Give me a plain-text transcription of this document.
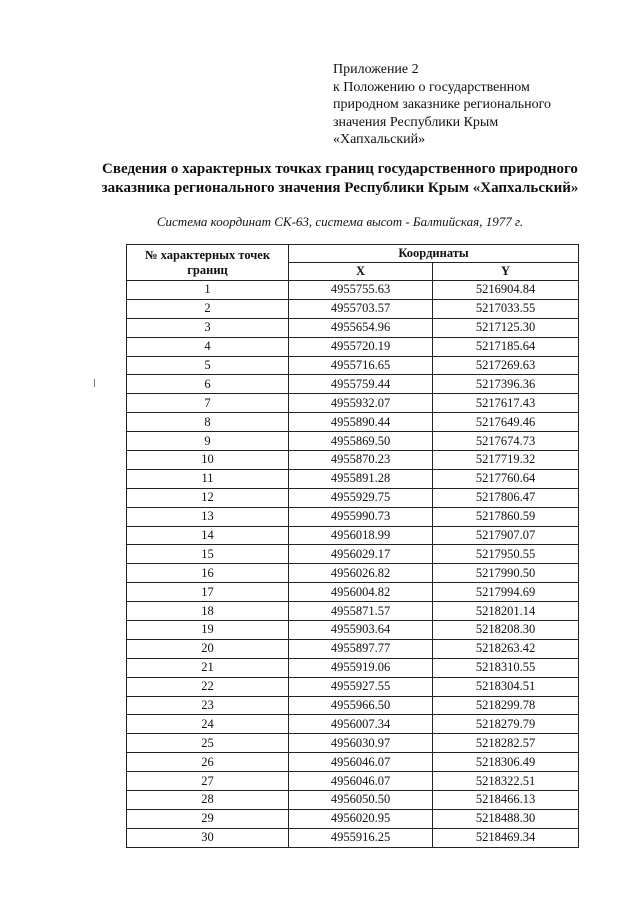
Приложение 2
к Положению о государственном
природном заказнике регионального
значения Республики Крым
«Хапхальский»
Сведения о характерных точках границ государственного природного
заказника регионального значения Республики Крым «Хапхальский»
Система координат СК-63, система высот - Балтийская, 1977 г.
№ характерных точек границ	Координаты	
	X	Y
1	4955755.63	5216904.84
2	4955703.57	5217033.55
3	4955654.96	5217125.30
4	4955720.19	5217185.64
5	4955716.65	5217269.63
6	4955759.44	5217396.36
7	4955932.07	5217617.43
8	4955890.44	5217649.46
9	4955869.50	5217674.73
10	4955870.23	5217719.32
11	4955891.28	5217760.64
12	4955929.75	5217806.47
13	4955990.73	5217860.59
14	4956018.99	5217907.07
15	4956029.17	5217950.55
16	4956026.82	5217990.50
17	4956004.82	5217994.69
18	4955871.57	5218201.14
19	4955903.64	5218208.30
20	4955897.77	5218263.42
21	4955919.06	5218310.55
22	4955927.55	5218304.51
23	4955966.50	5218299.78
24	4956007.34	5218279.79
25	4956030.97	5218282.57
26	4956046.07	5218306.49
27	4956046.07	5218322.51
28	4956050.50	5218466.13
29	4956020.95	5218488.30
30	4955916.25	5218469.34
